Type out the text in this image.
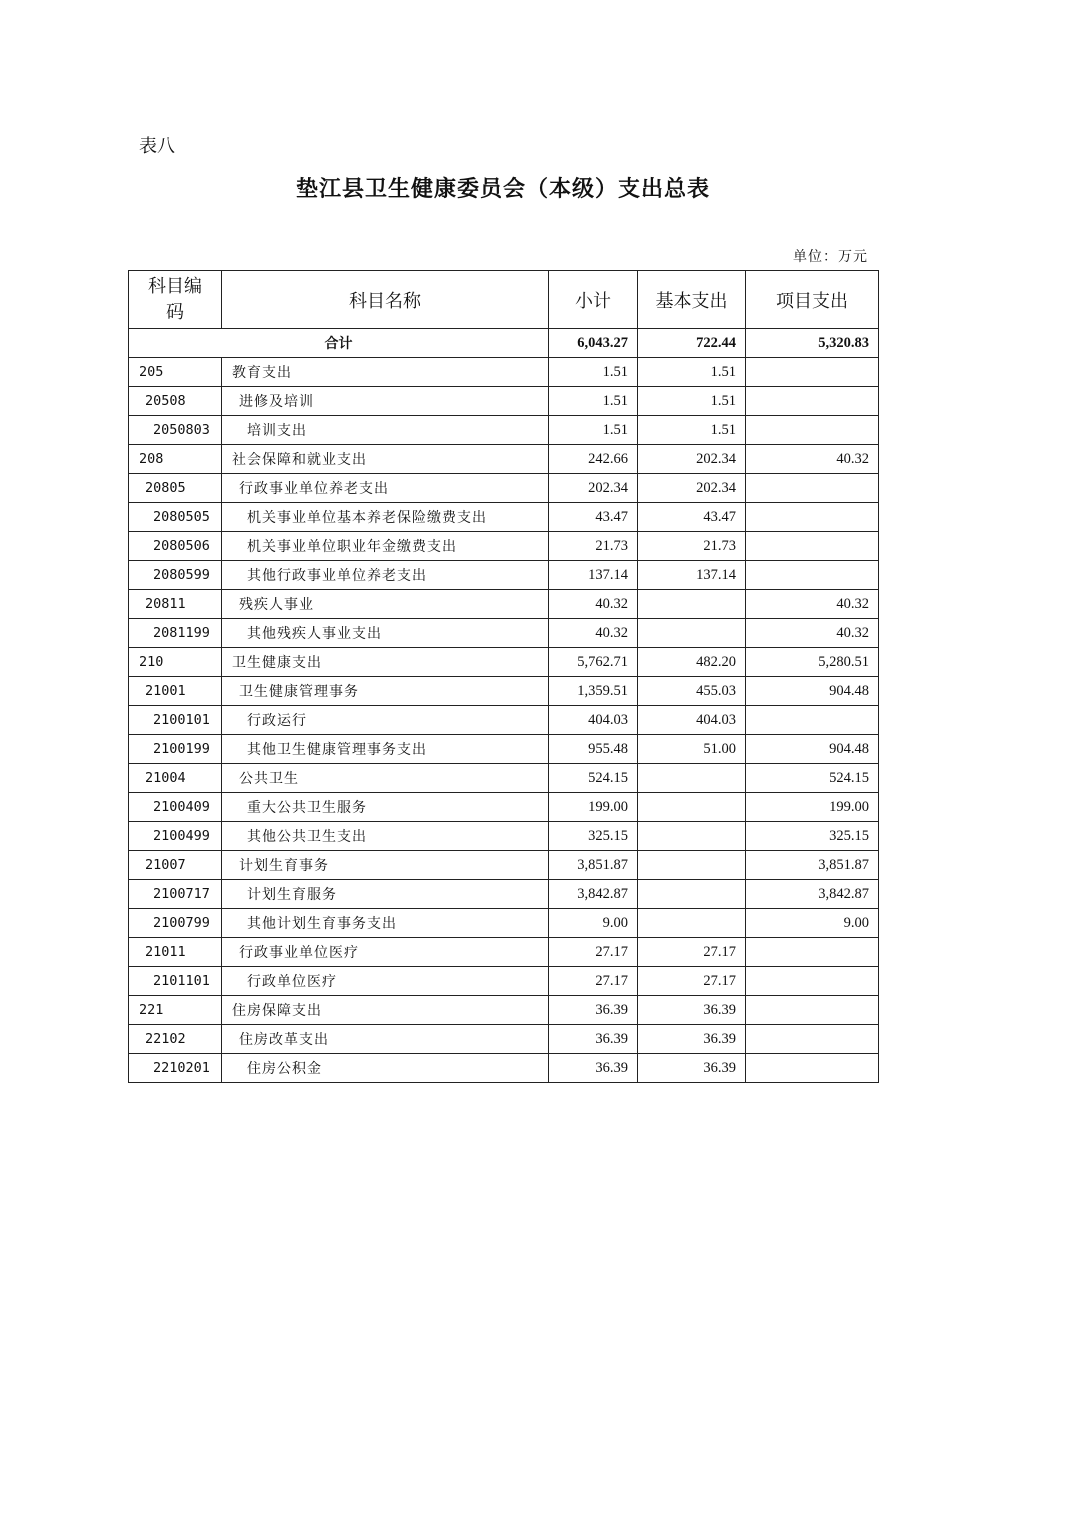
表八
垫江县卫生健康委员会（本级）支出总表
单位：万元
科目编码	科目名称	小计	基本支出	项目支出
合计		6,043.27	722.44	5,320.83
205	教育支出	1.51	1.51	
20508	进修及培训	1.51	1.51	
2050803	培训支出	1.51	1.51	
208	社会保障和就业支出	242.66	202.34	40.32
20805	行政事业单位养老支出	202.34	202.34	
2080505	机关事业单位基本养老保险缴费支出	43.47	43.47	
2080506	机关事业单位职业年金缴费支出	21.73	21.73	
2080599	其他行政事业单位养老支出	137.14	137.14	
20811	残疾人事业	40.32		40.32
2081199	其他残疾人事业支出	40.32		40.32
210	卫生健康支出	5,762.71	482.20	5,280.51
21001	卫生健康管理事务	1,359.51	455.03	904.48
2100101	行政运行	404.03	404.03	
2100199	其他卫生健康管理事务支出	955.48	51.00	904.48
21004	公共卫生	524.15		524.15
2100409	重大公共卫生服务	199.00		199.00
2100499	其他公共卫生支出	325.15		325.15
21007	计划生育事务	3,851.87		3,851.87
2100717	计划生育服务	3,842.87		3,842.87
2100799	其他计划生育事务支出	9.00		9.00
21011	行政事业单位医疗	27.17	27.17	
2101101	行政单位医疗	27.17	27.17	
221	住房保障支出	36.39	36.39	
22102	住房改革支出	36.39	36.39	
2210201	住房公积金	36.39	36.39	
